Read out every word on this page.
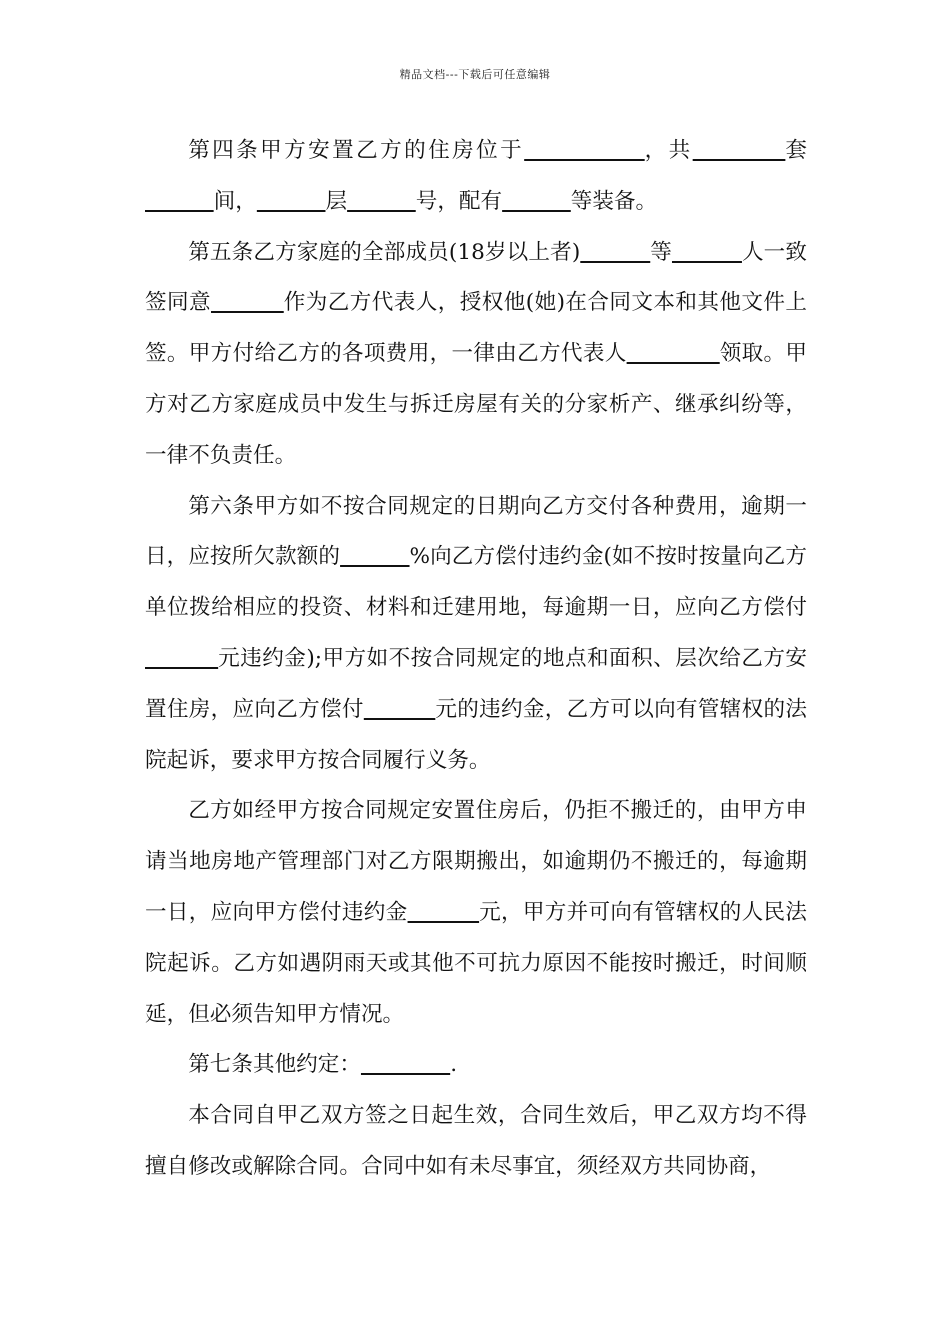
精品文档---下载后可任意编辑

第四条甲方安置乙方的住房位于	，共	套          间，	层	号，配有	等装备。

第五条乙方家庭的全部成员(18岁以上者)	等	人一致签同意	作为乙方代表人，授权他(她)在合同文本和其他文件上签。甲方付给乙方的各项费用，一律由乙方代表人	领取。甲方对乙方家庭成员中发生与拆迁房屋有关的分家析产、继承纠纷等，一律不负责任。

第六条甲方如不按合同规定的日期向乙方交付各种费用，逾期一日，应按所欠款额的	%向乙方偿付违约金(如不按时按量向乙方单位拨给相应的投资、材料和迁建用地，每逾期一日，应向乙方偿付          元违约金);甲方如不按合同规定的地点和面积、层次给乙方安置住房，应向乙方偿付	元的违约金，乙方可以向有管辖权的法院起诉，要求甲方按合同履行义务。

乙方如经甲方按合同规定安置住房后，仍拒不搬迁的，由甲方申请当地房地产管理部门对乙方限期搬出，如逾期仍不搬迁的，每逾期一日，应向甲方偿付违约金	元，甲方并可向有管辖权的人民法院起诉。乙方如遇阴雨天或其他不可抗力原因不能按时搬迁，时间顺延，但必须告知甲方情况。

第七条其他约定：	.

本合同自甲乙双方签之日起生效，合同生效后，甲乙双方均不得擅自修改或解除合同。合同中如有未尽事宜，须经双方共同协商，
